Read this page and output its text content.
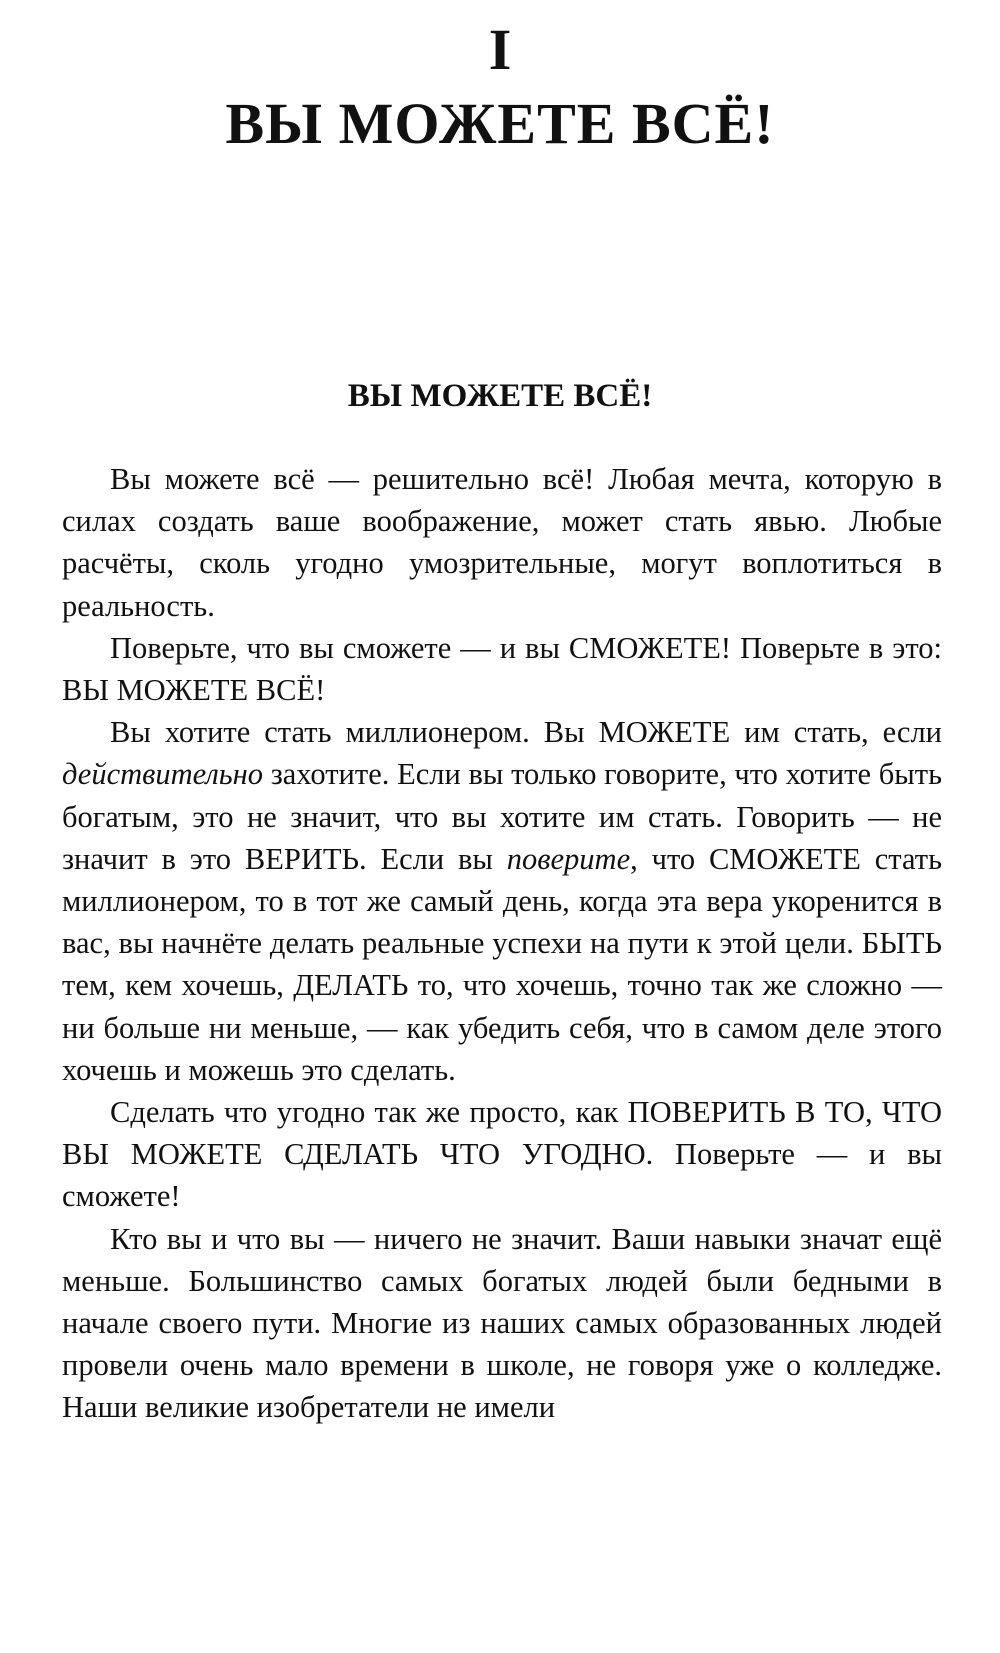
I
ВЫ МОЖЕТЕ ВСЁ!
ВЫ МОЖЕТЕ ВСЁ!

Вы можете всё — решительно всё! Любая мечта, которую в силах создать ваше воображение, может стать явью. Любые расчёты, сколь угодно умозрительные, могут воплотиться в реальность.

Поверьте, что вы сможете — и вы СМОЖЕТЕ! Поверьте в это: ВЫ МОЖЕТЕ ВСЁ!

Вы хотите стать миллионером. Вы МОЖЕТЕ им стать, если действительно захотите. Если вы только говорите, что хотите быть богатым, это не значит, что вы хотите им стать. Говорить — не значит в это ВЕРИТЬ. Если вы поверите, что СМОЖЕТЕ стать миллионером, то в тот же самый день, когда эта вера укоренится в вас, вы начнёте делать реальные успехи на пути к этой цели. БЫТЬ тем, кем хочешь, ДЕЛАТЬ то, что хочешь, точно так же сложно — ни больше ни меньше, — как убедить себя, что в самом деле этого хочешь и можешь это сделать.

Сделать что угодно так же просто, как ПОВЕРИТЬ В ТО, ЧТО ВЫ МОЖЕТЕ СДЕЛАТЬ ЧТО УГОДНО. Поверьте — и вы сможете!

Кто вы и что вы — ничего не значит. Ваши навыки значат ещё меньше. Большинство самых богатых людей были бедными в начале своего пути. Многие из наших самых образованных людей провели очень мало времени в школе, не говоря уже о колледже. Наши великие изобретатели не имели
